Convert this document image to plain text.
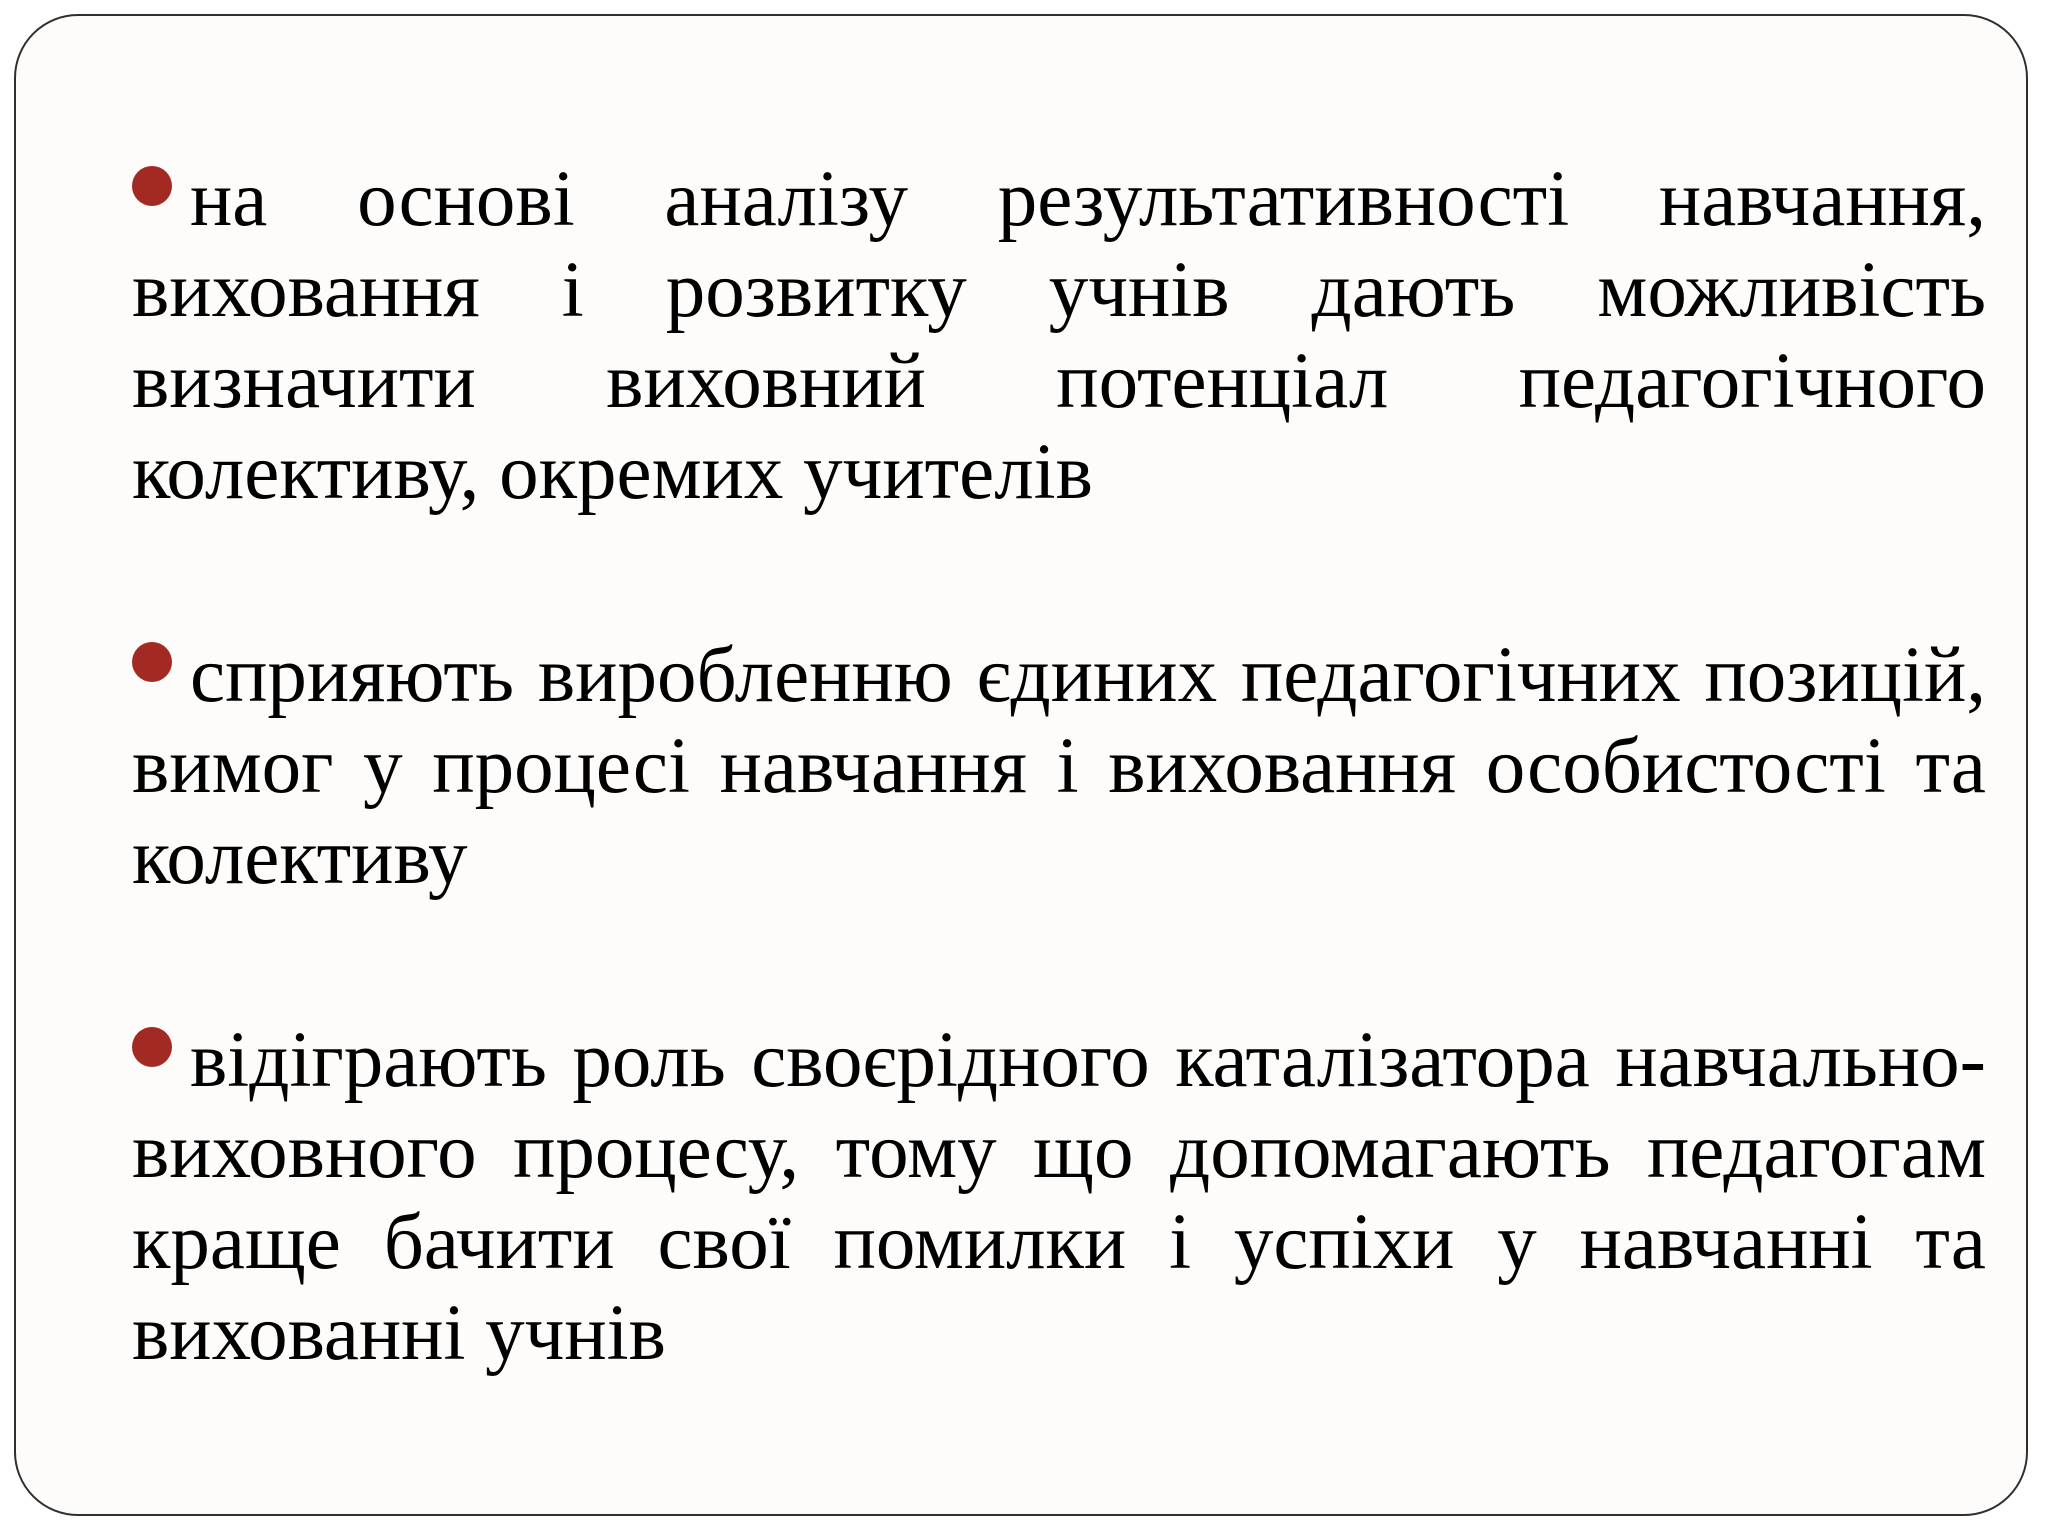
на основі аналізу результативності навчання, виховання і розвитку учнів дають можливість визначити виховний потенціал педагогічного колективу, окремих учителів

сприяють виробленню єдиних педагогічних позицій, вимог у процесі навчання і виховання особистості та колективу

відіграють роль своєрідного каталізатора навчально-виховного процесу, тому що допомагають педагогам краще бачити свої помилки і успіхи у навчанні та вихованні учнів
